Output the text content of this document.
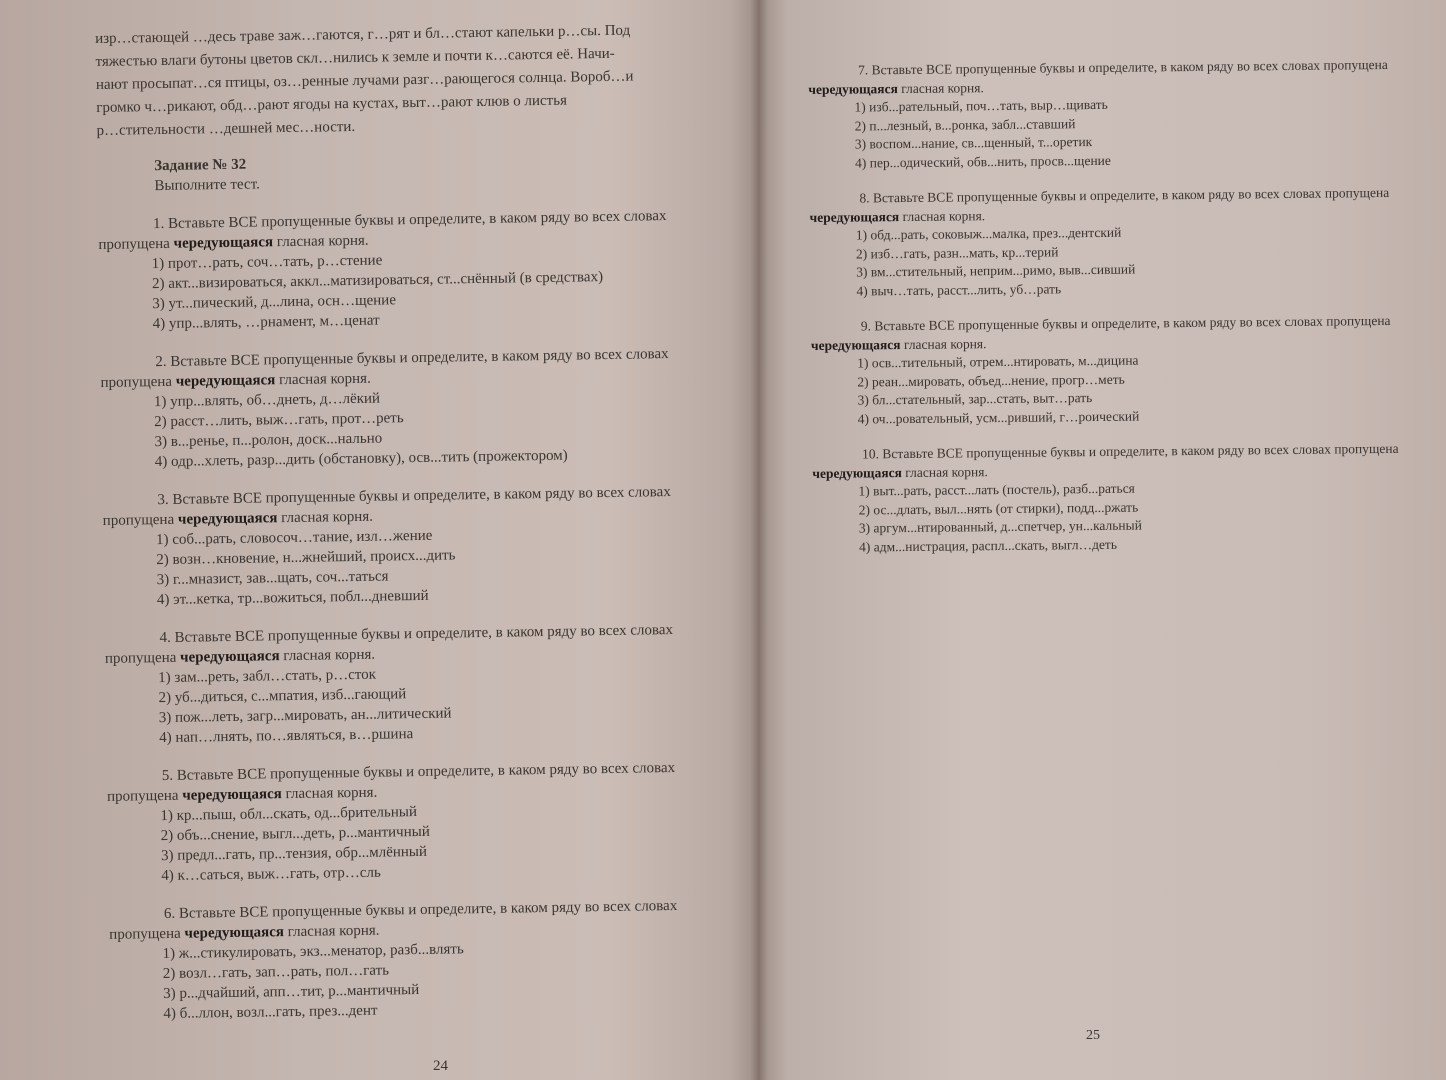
изр…стающей …десь траве заж…гаются, г…рят и бл…стают капельки р…сы. Под

тяжестью влаги бутоны цветов скл…нились к земле и почти к…саются её. Начи-

нают просыпат…ся птицы, оз…ренные лучами разг…рающегося солнца. Вороб…и

громко ч…рикают, обд…рают ягоды на кустах, выт…рают клюв о листья

р…стительности …дешней мес…ности.

Задание № 32
Выполните тест.

1. Вставьте ВСЕ пропущенные буквы и определите, в каком ряду во всех словах пропущена чередующаяся гласная корня.

1) прот…рать, соч…тать, р…стение
2) акт...визироваться, аккл...матизироваться, ст...снённый (в средствах)
3) ут...пический, д...лина, осн…щение
4) упр...влять, …рнамент, м…ценат

2. Вставьте ВСЕ пропущенные буквы и определите, в каком ряду во всех словах пропущена чередующаяся гласная корня.

1) упр...влять, об…днеть, д…лёкий
2) расст…лить, выж…гать, прот…реть
3) в...ренье, п...ролон, доск...нально
4) одр...хлеть, разр...дить (обстановку), осв...тить (прожектором)

3. Вставьте ВСЕ пропущенные буквы и определите, в каком ряду во всех словах пропущена чередующаяся гласная корня.

1) соб...рать, словосоч…тание, изл…жение
2) возн…кновение, н...жнейший, происх...дить
3) г...мназист, зав...щать, соч...таться
4) эт...кетка, тр...вожиться, побл...дневший

4. Вставьте ВСЕ пропущенные буквы и определите, в каком ряду во всех словах пропущена чередующаяся гласная корня.

1) зам...реть, забл…стать, р…сток
2) уб...диться, с...мпатия, изб...гающий
3) пож...леть, загр...мировать, ан...литический
4) нап…лнять, по…являться, в…ршина

5. Вставьте ВСЕ пропущенные буквы и определите, в каком ряду во всех словах пропущена чередующаяся гласная корня.

1) кр...пыш, обл...скать, од...брительный
2) объ...снение, выгл...деть, р...мантичный
3) предл...гать, пр...тензия, обр...млённый
4) к…саться, выж…гать, отр…сль

6. Вставьте ВСЕ пропущенные буквы и определите, в каком ряду во всех словах пропущена чередующаяся гласная корня.

1) ж...стикулировать, экз...менатор, разб...влять
2) возл…гать, зап…рать, пол…гать
3) р...дчайший, апп…тит, р...мантичный
4) б...ллон, возл...гать, през...дент
24

7. Вставьте ВСЕ пропущенные буквы и определите, в каком ряду во всех словах пропущена чередующаяся гласная корня.

1) изб...рательный, поч…тать, выр…щивать
2) п...лезный, в...ронка, забл...ставший
3) воспом...нание, св...щенный, т...оретик
4) пер...одический, обв...нить, просв...щение

8. Вставьте ВСЕ пропущенные буквы и определите, в каком ряду во всех словах пропущена чередующаяся гласная корня.

1) обд...рать, соковыж...малка, през...дентский
2) изб…гать, разн...мать, кр...терий
3) вм...стительный, неприм...римо, выв...сивший
4) выч…тать, расст...лить, уб…рать

9. Вставьте ВСЕ пропущенные буквы и определите, в каком ряду во всех словах пропущена чередующаяся гласная корня.

1) осв...тительный, отрем...нтировать, м...дицина
2) реан...мировать, объед...нение, прогр…меть
3) бл...стательный, зар...стать, выт…рать
4) оч...ровательный, усм...ривший, г…роический

10. Вставьте ВСЕ пропущенные буквы и определите, в каком ряду во всех словах пропущена чередующаяся гласная корня.

1) выт...рать, расст...лать (постель), разб...раться
2) ос...длать, выл...нять (от стирки), подд...ржать
3) аргум...нтированный, д...спетчер, ун...кальный
4) адм...нистрация, распл...скать, выгл…деть
25
